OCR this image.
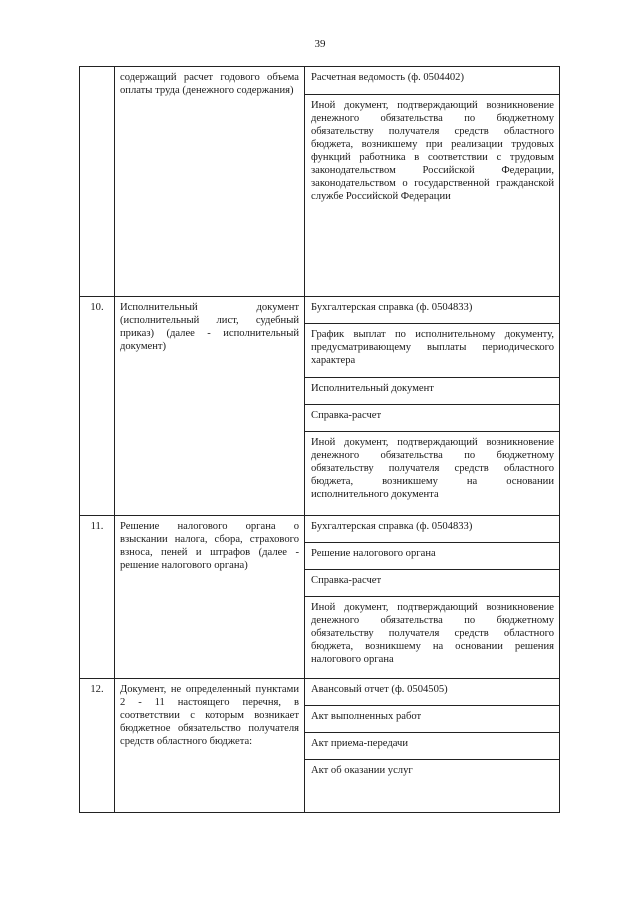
39
	содержащий расчет годового объема оплаты труда (денежного содержания)	Расчетная ведомость (ф. 0504402)
		Иной документ, подтверждающий возникновение денежного обязательства по бюджетному обязательству получателя средств областного бюджета, возникшему при реализации трудовых функций работника в соответствии с трудовым законодательством Российской Федерации, законодательством о государственной гражданской службе Российской Федерации
10.	Исполнительный документ (исполнительный лист, судебный приказ) (далее - исполнительный документ)	Бухгалтерская справка (ф. 0504833)
		График выплат по исполнительному документу, предусматривающему выплаты периодического характера
		Исполнительный документ
		Справка-расчет
		Иной документ, подтверждающий возникновение денежного обязательства по бюджетному обязательству получателя средств областного бюджета, возникшему на основании исполнительного документа
11.	Решение налогового органа о взыскании налога, сбора, страхового взноса, пеней и штрафов (далее - решение налогового органа)	Бухгалтерская справка (ф. 0504833)
		Решение налогового органа
		Справка-расчет
		Иной документ, подтверждающий возникновение денежного обязательства по бюджетному обязательству получателя средств областного бюджета, возникшему на основании решения налогового органа
12.	Документ, не определенный пунктами 2 - 11 настоящего перечня, в соответствии с которым возникает бюджетное обязательство получателя средств областного бюджета:	Авансовый отчет (ф. 0504505)
		Акт выполненных работ
		Акт приема-передачи
		Акт об оказании услуг
